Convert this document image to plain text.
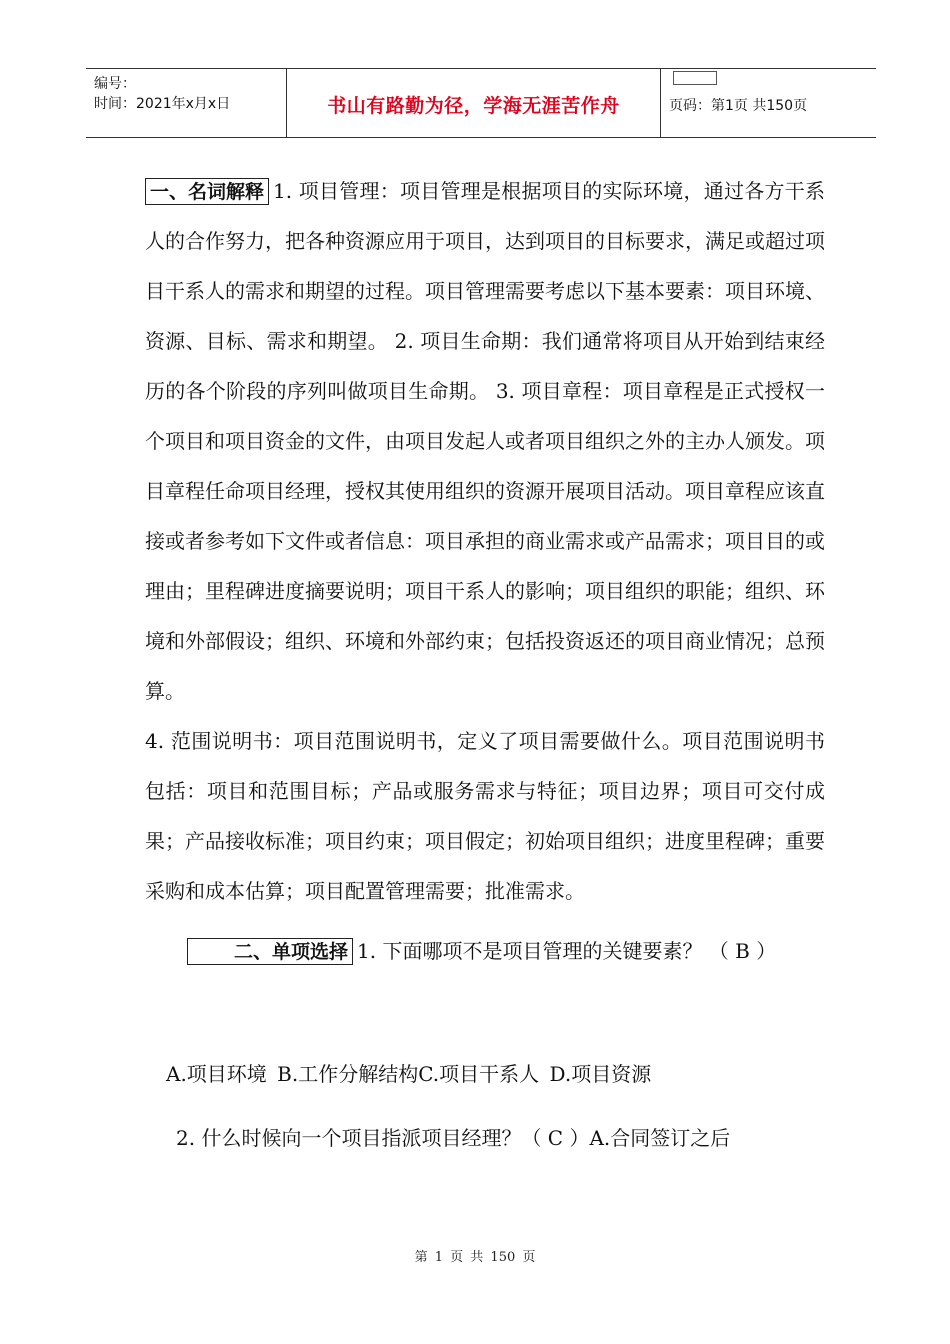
编号：
时间：2021年x月x日	书山有路勤为径，学海无涯苦作舟	页码：第1页 共150页

一、名词解释 1. 项目管理：项目管理是根据项目的实际环境，通过各方干系人的合作努力，把各种资源应用于项目，达到项目的目标要求，满足或超过项目干系人的需求和期望的过程。项目管理需要考虑以下基本要素：项目环境、资源、目标、需求和期望。 2. 项目生命期：我们通常将项目从开始到结束经历的各个阶段的序列叫做项目生命期。 3. 项目章程：项目章程是正式授权一个项目和项目资金的文件，由项目发起人或者项目组织之外的主办人颁发。项目章程任命项目经理，授权其使用组织的资源开展项目活动。项目章程应该直接或者参考如下文件或者信息：项目承担的商业需求或产品需求；项目目的或理由；里程碑进度摘要说明；项目干系人的影响；项目组织的职能；组织、环境和外部假设；组织、环境和外部约束；包括投资返还的项目商业情况；总预算。

4. 范围说明书：项目范围说明书，定义了项目需要做什么。项目范围说明书包括：项目和范围目标；产品或服务需求与特征；项目边界；项目可交付成果；产品接收标准；项目约束；项目假定；初始项目组织；进度里程碑；重要采购和成本估算；项目配置管理需要；批准需求。

二、单项选择 1. 下面哪项不是项目管理的关键要素？ （ B ）

A.项目环境 B.工作分解结构C.项目干系人 D.项目资源
2. 什么时候向一个项目指派项目经理？（ C ）A.合同签订之后
第 1 页 共 150 页
